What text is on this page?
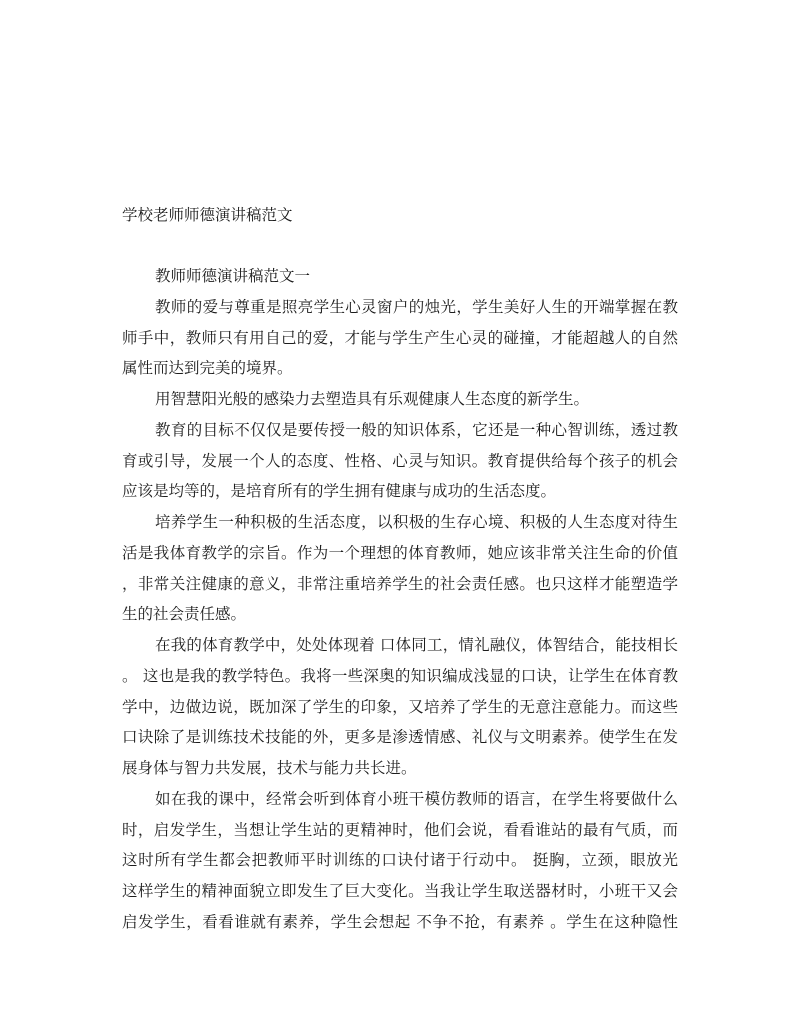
学校老师师德演讲稿范文
教师师德演讲稿范文一
教师的爱与尊重是照亮学生心灵窗户的烛光，学生美好人生的开端掌握在教
师手中，教师只有用自己的爱，才能与学生产生心灵的碰撞，才能超越人的自然
属性而达到完美的境界。
用智慧阳光般的感染力去塑造具有乐观健康人生态度的新学生。
教育的目标不仅仅是要传授一般的知识体系，它还是一种心智训练，透过教
育或引导，发展一个人的态度、性格、心灵与知识。教育提供给每个孩子的机会
应该是均等的，是培育所有的学生拥有健康与成功的生活态度。
培养学生一种积极的生活态度，以积极的生存心境、积极的人生态度对待生
活是我体育教学的宗旨。作为一个理想的体育教师，她应该非常关注生命的价值
，非常关注健康的意义，非常注重培养学生的社会责任感。也只这样才能塑造学
生的社会责任感。
在我的体育教学中，处处体现着 口体同工，情礼融仪，体智结合，能技相长
。 这也是我的教学特色。我将一些深奥的知识编成浅显的口诀，让学生在体育教
学中，边做边说，既加深了学生的印象，又培养了学生的无意注意能力。而这些
口诀除了是训练技术技能的外，更多是渗透情感、礼仪与文明素养。使学生在发
展身体与智力共发展，技术与能力共长进。
如在我的课中，经常会听到体育小班干模仿教师的语言，在学生将要做什么
时，启发学生，当想让学生站的更精神时，他们会说，看看谁站的最有气质，而
这时所有学生都会把教师平时训练的口诀付诸于行动中。 挺胸，立颈，眼放光
这样学生的精神面貌立即发生了巨大变化。当我让学生取送器材时，小班干又会
启发学生，看看谁就有素养，学生会想起 不争不抢，有素养 。学生在这种隐性
